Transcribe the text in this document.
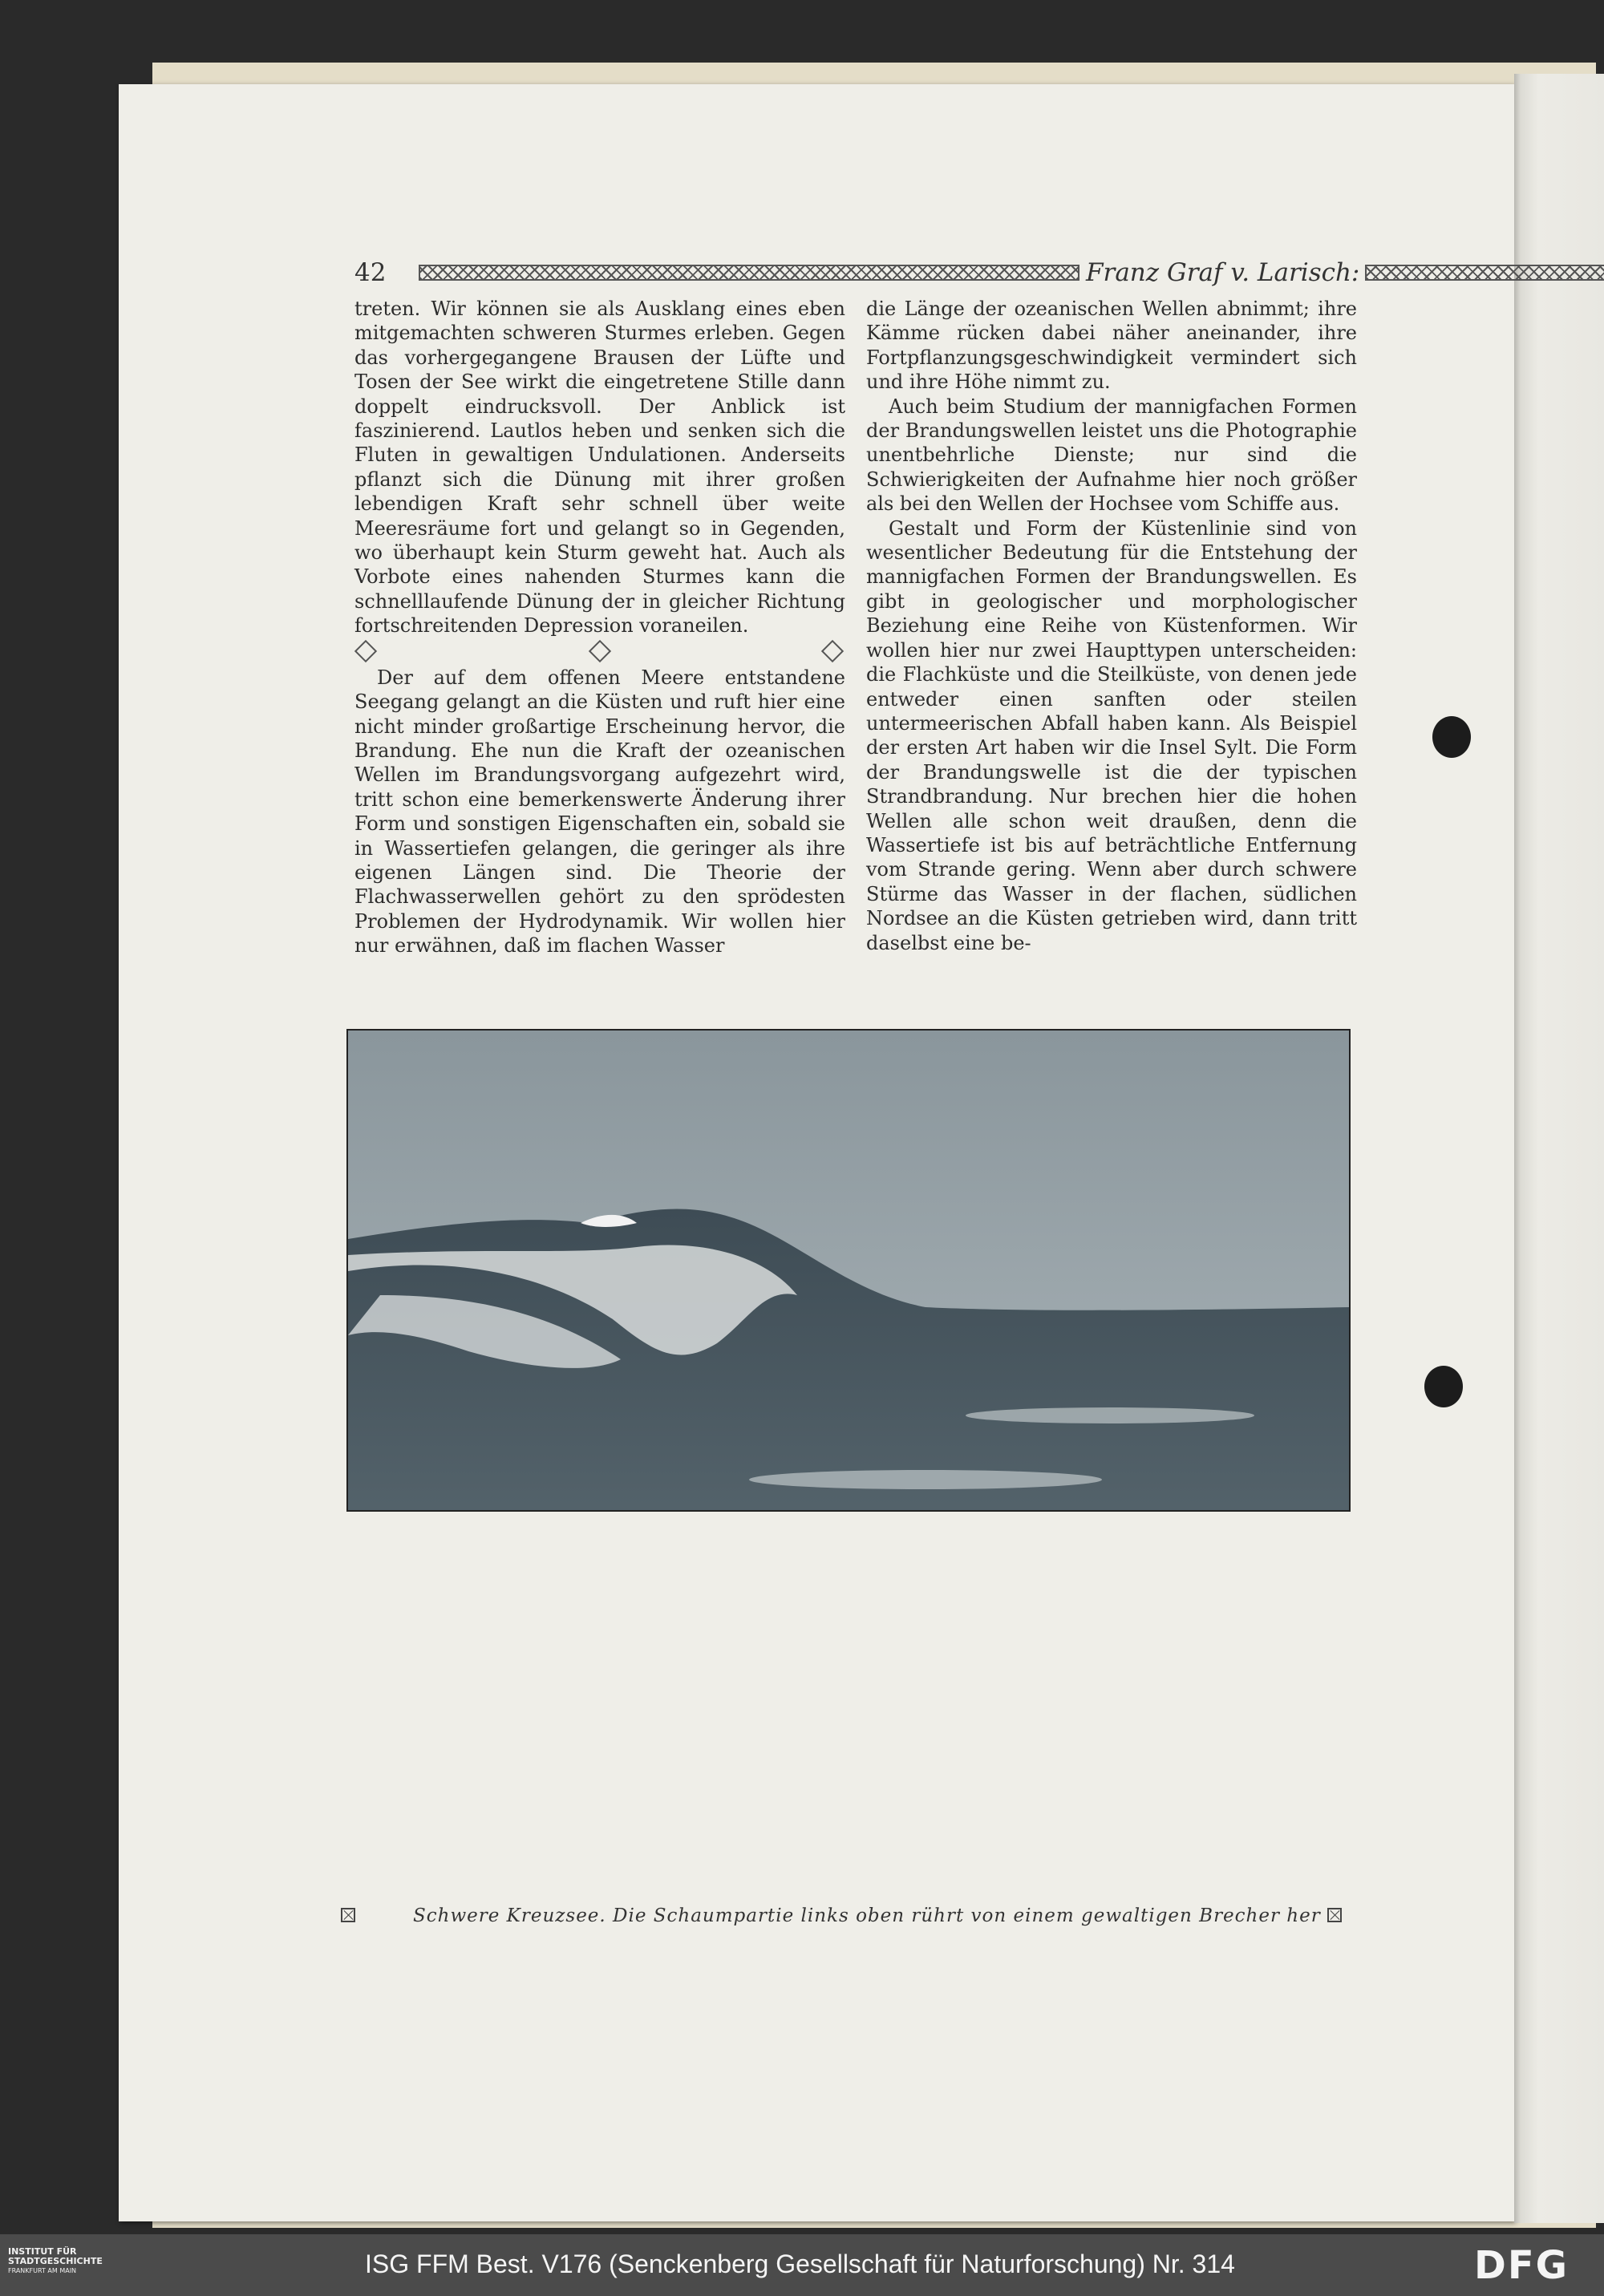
42	Franz Graf v. Larisch:

treten. Wir können sie als Ausklang eines eben mitgemachten schweren Sturmes erleben. Gegen das vorhergegangene Brausen der Lüfte und Tosen der See wirkt die eingetretene Stille dann doppelt eindrucksvoll. Der Anblick ist faszinierend. Lautlos heben und senken sich die Fluten in gewaltigen Undulationen. Anderseits pflanzt sich die Dünung mit ihrer großen lebendigen Kraft sehr schnell über weite Meeresräume fort und gelangt so in Gegenden, wo überhaupt kein Sturm geweht hat. Auch als Vorbote eines nahenden Sturmes kann die schnelllaufende Dünung der in gleicher Richtung fortschreitenden Depression voraneilen.

Der auf dem offenen Meere entstandene Seegang gelangt an die Küsten und ruft hier eine nicht minder großartige Erscheinung hervor, die Brandung. Ehe nun die Kraft der ozeanischen Wellen im Brandungsvorgang aufgezehrt wird, tritt schon eine bemerkenswerte Änderung ihrer Form und sonstigen Eigenschaften ein, sobald sie in Wassertiefen gelangen, die geringer als ihre eigenen Längen sind. Die Theorie der Flachwasserwellen gehört zu den sprödesten Problemen der Hydrodynamik. Wir wollen hier nur erwähnen, daß im flachen Wasser

die Länge der ozeanischen Wellen abnimmt; ihre Kämme rücken dabei näher aneinander, ihre Fortpflanzungsgeschwindigkeit vermindert sich und ihre Höhe nimmt zu.

Auch beim Studium der mannigfachen Formen der Brandungswellen leistet uns die Photographie unentbehrliche Dienste; nur sind die Schwierigkeiten der Aufnahme hier noch größer als bei den Wellen der Hochsee vom Schiffe aus.

Gestalt und Form der Küstenlinie sind von wesentlicher Bedeutung für die Entstehung der mannigfachen Formen der Brandungswellen. Es gibt in geologischer und morphologischer Beziehung eine Reihe von Küstenformen. Wir wollen hier nur zwei Haupttypen unterscheiden: die Flachküste und die Steilküste, von denen jede entweder einen sanften oder steilen untermeerischen Abfall haben kann. Als Beispiel der ersten Art haben wir die Insel Sylt. Die Form der Brandungswelle ist die der typischen Strandbrandung. Nur brechen hier die hohen Wellen alle schon weit draußen, denn die Wassertiefe ist bis auf beträchtliche Entfernung vom Strande gering. Wenn aber durch schwere Stürme das Wasser in der flachen, südlichen Nordsee an die Küsten getrieben wird, dann tritt daselbst eine be-

Schwere Kreuzsee. Die Schaumpartie links oben rührt von einem gewaltigen Brecher her
INSTITUT FÜR
STADTGESCHICHTE
FRANKFURT AM MAIN	ISG FFM Best. V176 (Senckenberg Gesellschaft für Naturforschung) Nr. 314	DFG
